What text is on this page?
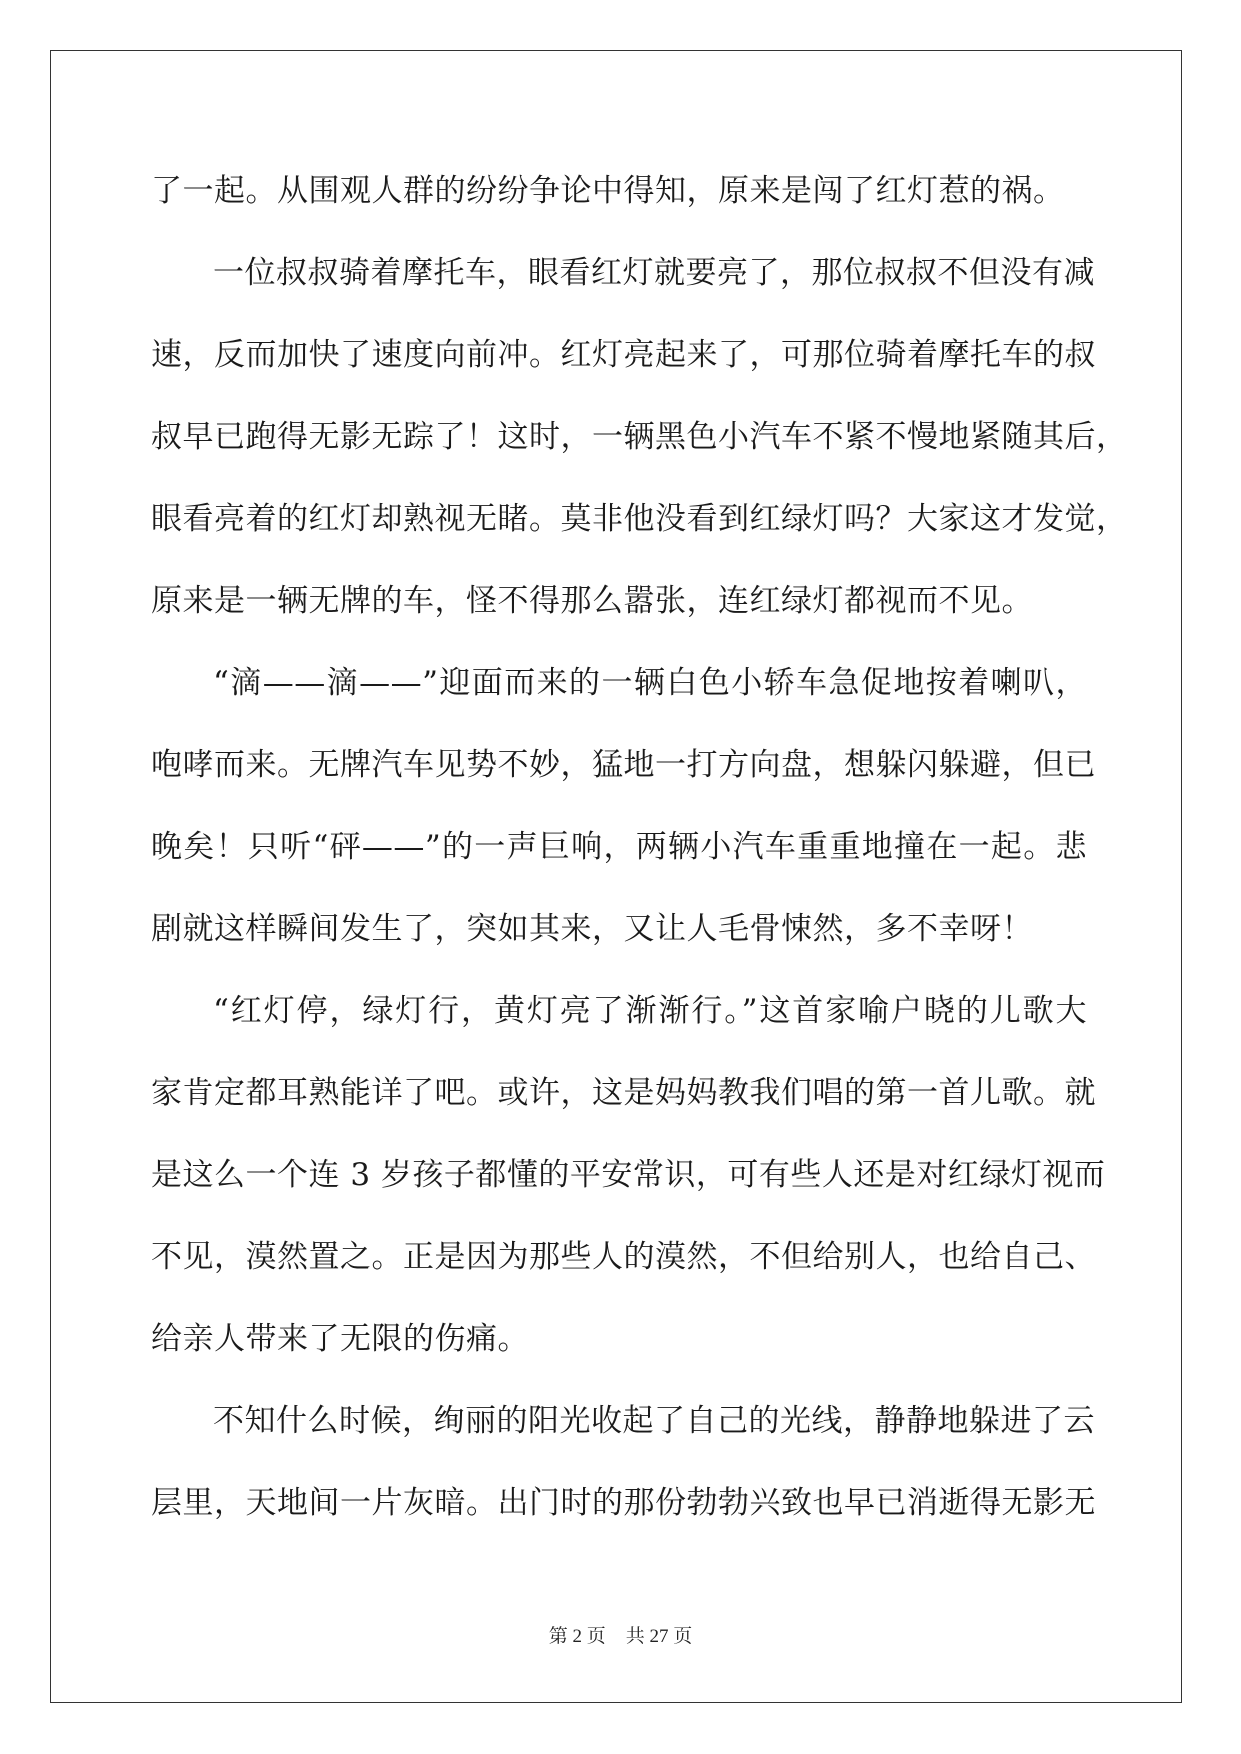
了一起。从围观人群的纷纷争论中得知，原来是闯了红灯惹的祸。
一位叔叔骑着摩托车，眼看红灯就要亮了，那位叔叔不但没有减
速，反而加快了速度向前冲。红灯亮起来了，可那位骑着摩托车的叔
叔早已跑得无影无踪了！这时，一辆黑色小汽车不紧不慢地紧随其后，
眼看亮着的红灯却熟视无睹。莫非他没看到红绿灯吗？大家这才发觉，
原来是一辆无牌的车，怪不得那么嚣张，连红绿灯都视而不见。
“滴——滴——”迎面而来的一辆白色小轿车急促地按着喇叭，
咆哮而来。无牌汽车见势不妙，猛地一打方向盘，想躲闪躲避，但已
晚矣！只听“砰——”的一声巨响，两辆小汽车重重地撞在一起。悲
剧就这样瞬间发生了，突如其来，又让人毛骨悚然，多不幸呀！
“红灯停，绿灯行，黄灯亮了渐渐行。”这首家喻户晓的儿歌大
家肯定都耳熟能详了吧。或许，这是妈妈教我们唱的第一首儿歌。就
是这么一个连 3 岁孩子都懂的平安常识，可有些人还是对红绿灯视而
不见，漠然置之。正是因为那些人的漠然，不但给别人，也给自己、
给亲人带来了无限的伤痛。
不知什么时候，绚丽的阳光收起了自己的光线，静静地躲进了云
层里，天地间一片灰暗。出门时的那份勃勃兴致也早已消逝得无影无
第 2 页 共 27 页
